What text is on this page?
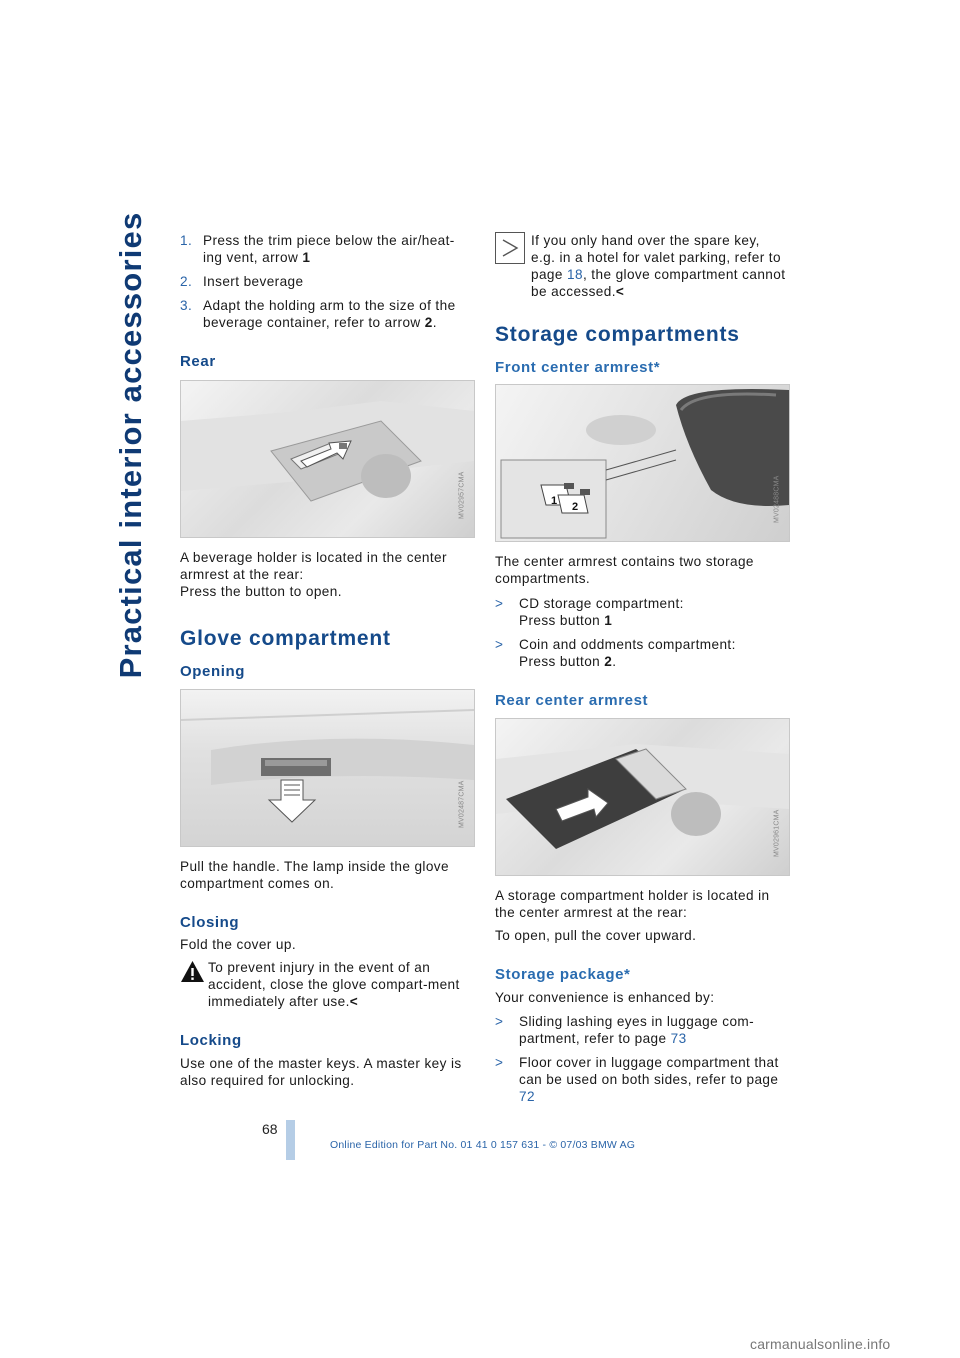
Practical interior accessories 1. Press the trim piece below the air/heat-ing vent, arrow 1
2. Insert beverage
3. Adapt the holding arm to the size of the beverage container, refer to arrow 2.
Rear
MV02957CMA

A beverage holder is located in the center armrest at the rear:

Press the button to open.

Glove compartment
Opening
MV02487CMA

Pull the handle. The lamp inside the glove compartment comes on.

Closing

Fold the cover up.

To prevent injury in the event of an accident, close the glove compart-ment immediately after use.<
Locking

Use one of the master keys. A master key is also required for unlocking.

If you only hand over the spare key, e.g. in a hotel for valet parking, refer to page 18, the glove compartment cannot be accessed.<
Storage compartments
Front center armrest*
1 2	MV02488CMA

The center armrest contains two storage compartments.

> CD storage compartment:
Press button 1
> Coin and oddments compartment:
Press button 2.
Rear center armrest
MV02961CMA

A storage compartment holder is located in the center armrest at the rear:

To open, pull the cover upward.

Storage package*

Your convenience is enhanced by:

> Sliding lashing eyes in luggage com-partment, refer to page 73
> Floor cover in luggage compartment that can be used on both sides, refer to page 72
68
Online Edition for Part No. 01 41 0 157 631 - © 07/03 BMW AG
carmanualsonline.info
